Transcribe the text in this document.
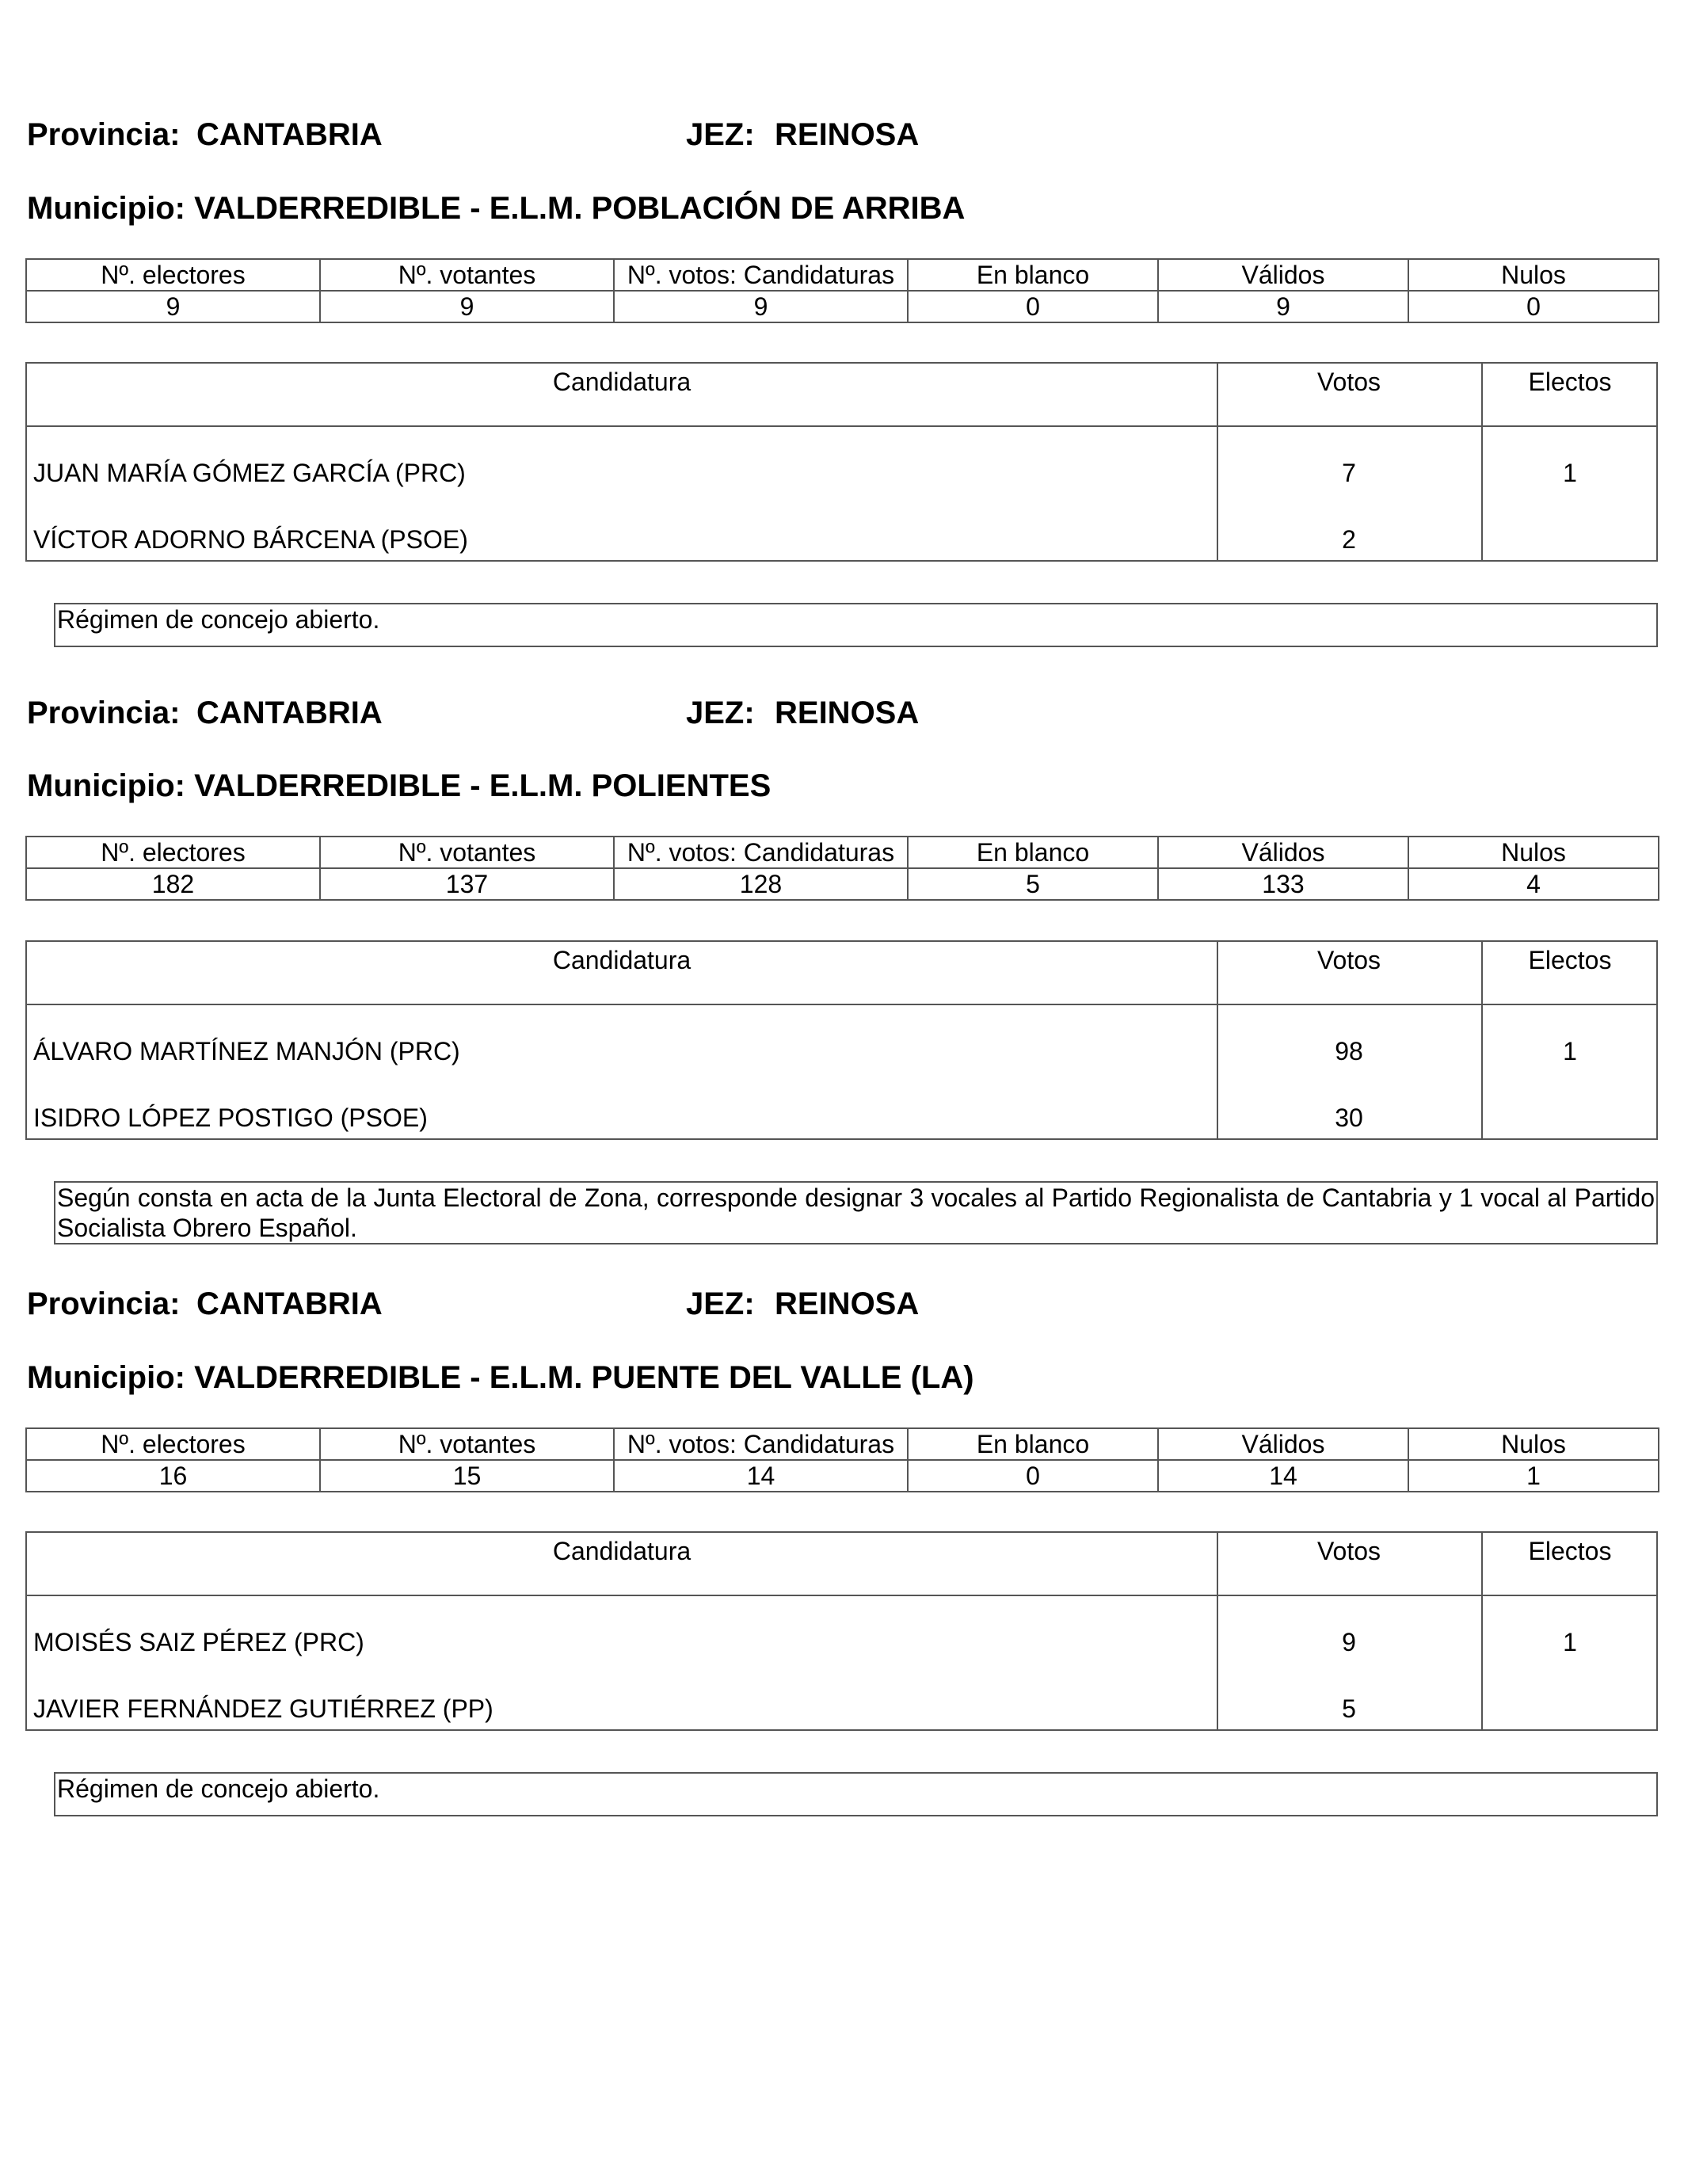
Provincia: CANTABRIA	JEZ: REINOSA
Municipio: VALDERREDIBLE - E.L.M. POBLACIÓN DE ARRIBA
Nº. electores	Nº. votantes	Nº. votos: Candidaturas	En blanco	Válidos	Nulos
9	9	9	0	9	0
Candidatura	Votos	Electos
JUAN MARÍA GÓMEZ GARCÍA (PRC)	7	1
VÍCTOR ADORNO BÁRCENA (PSOE)	2
Régimen de concejo abierto.
Provincia: CANTABRIA	JEZ: REINOSA
Municipio: VALDERREDIBLE - E.L.M. POLIENTES
Nº. electores	Nº. votantes	Nº. votos: Candidaturas	En blanco	Válidos	Nulos
182	137	128	5	133	4
Candidatura	Votos	Electos
ÁLVARO MARTÍNEZ MANJÓN (PRC)	98	1
ISIDRO LÓPEZ POSTIGO (PSOE)	30
Según consta en acta de la Junta Electoral de Zona, corresponde designar 3 vocales al Partido Regionalista de Cantabria y 1 vocal al Partido Socialista Obrero Español.
Provincia: CANTABRIA	JEZ: REINOSA
Municipio: VALDERREDIBLE - E.L.M. PUENTE DEL VALLE (LA)
Nº. electores	Nº. votantes	Nº. votos: Candidaturas	En blanco	Válidos	Nulos
16	15	14	0	14	1
Candidatura	Votos	Electos
MOISÉS SAIZ PÉREZ (PRC)	9	1
JAVIER FERNÁNDEZ GUTIÉRREZ (PP)	5
Régimen de concejo abierto.
